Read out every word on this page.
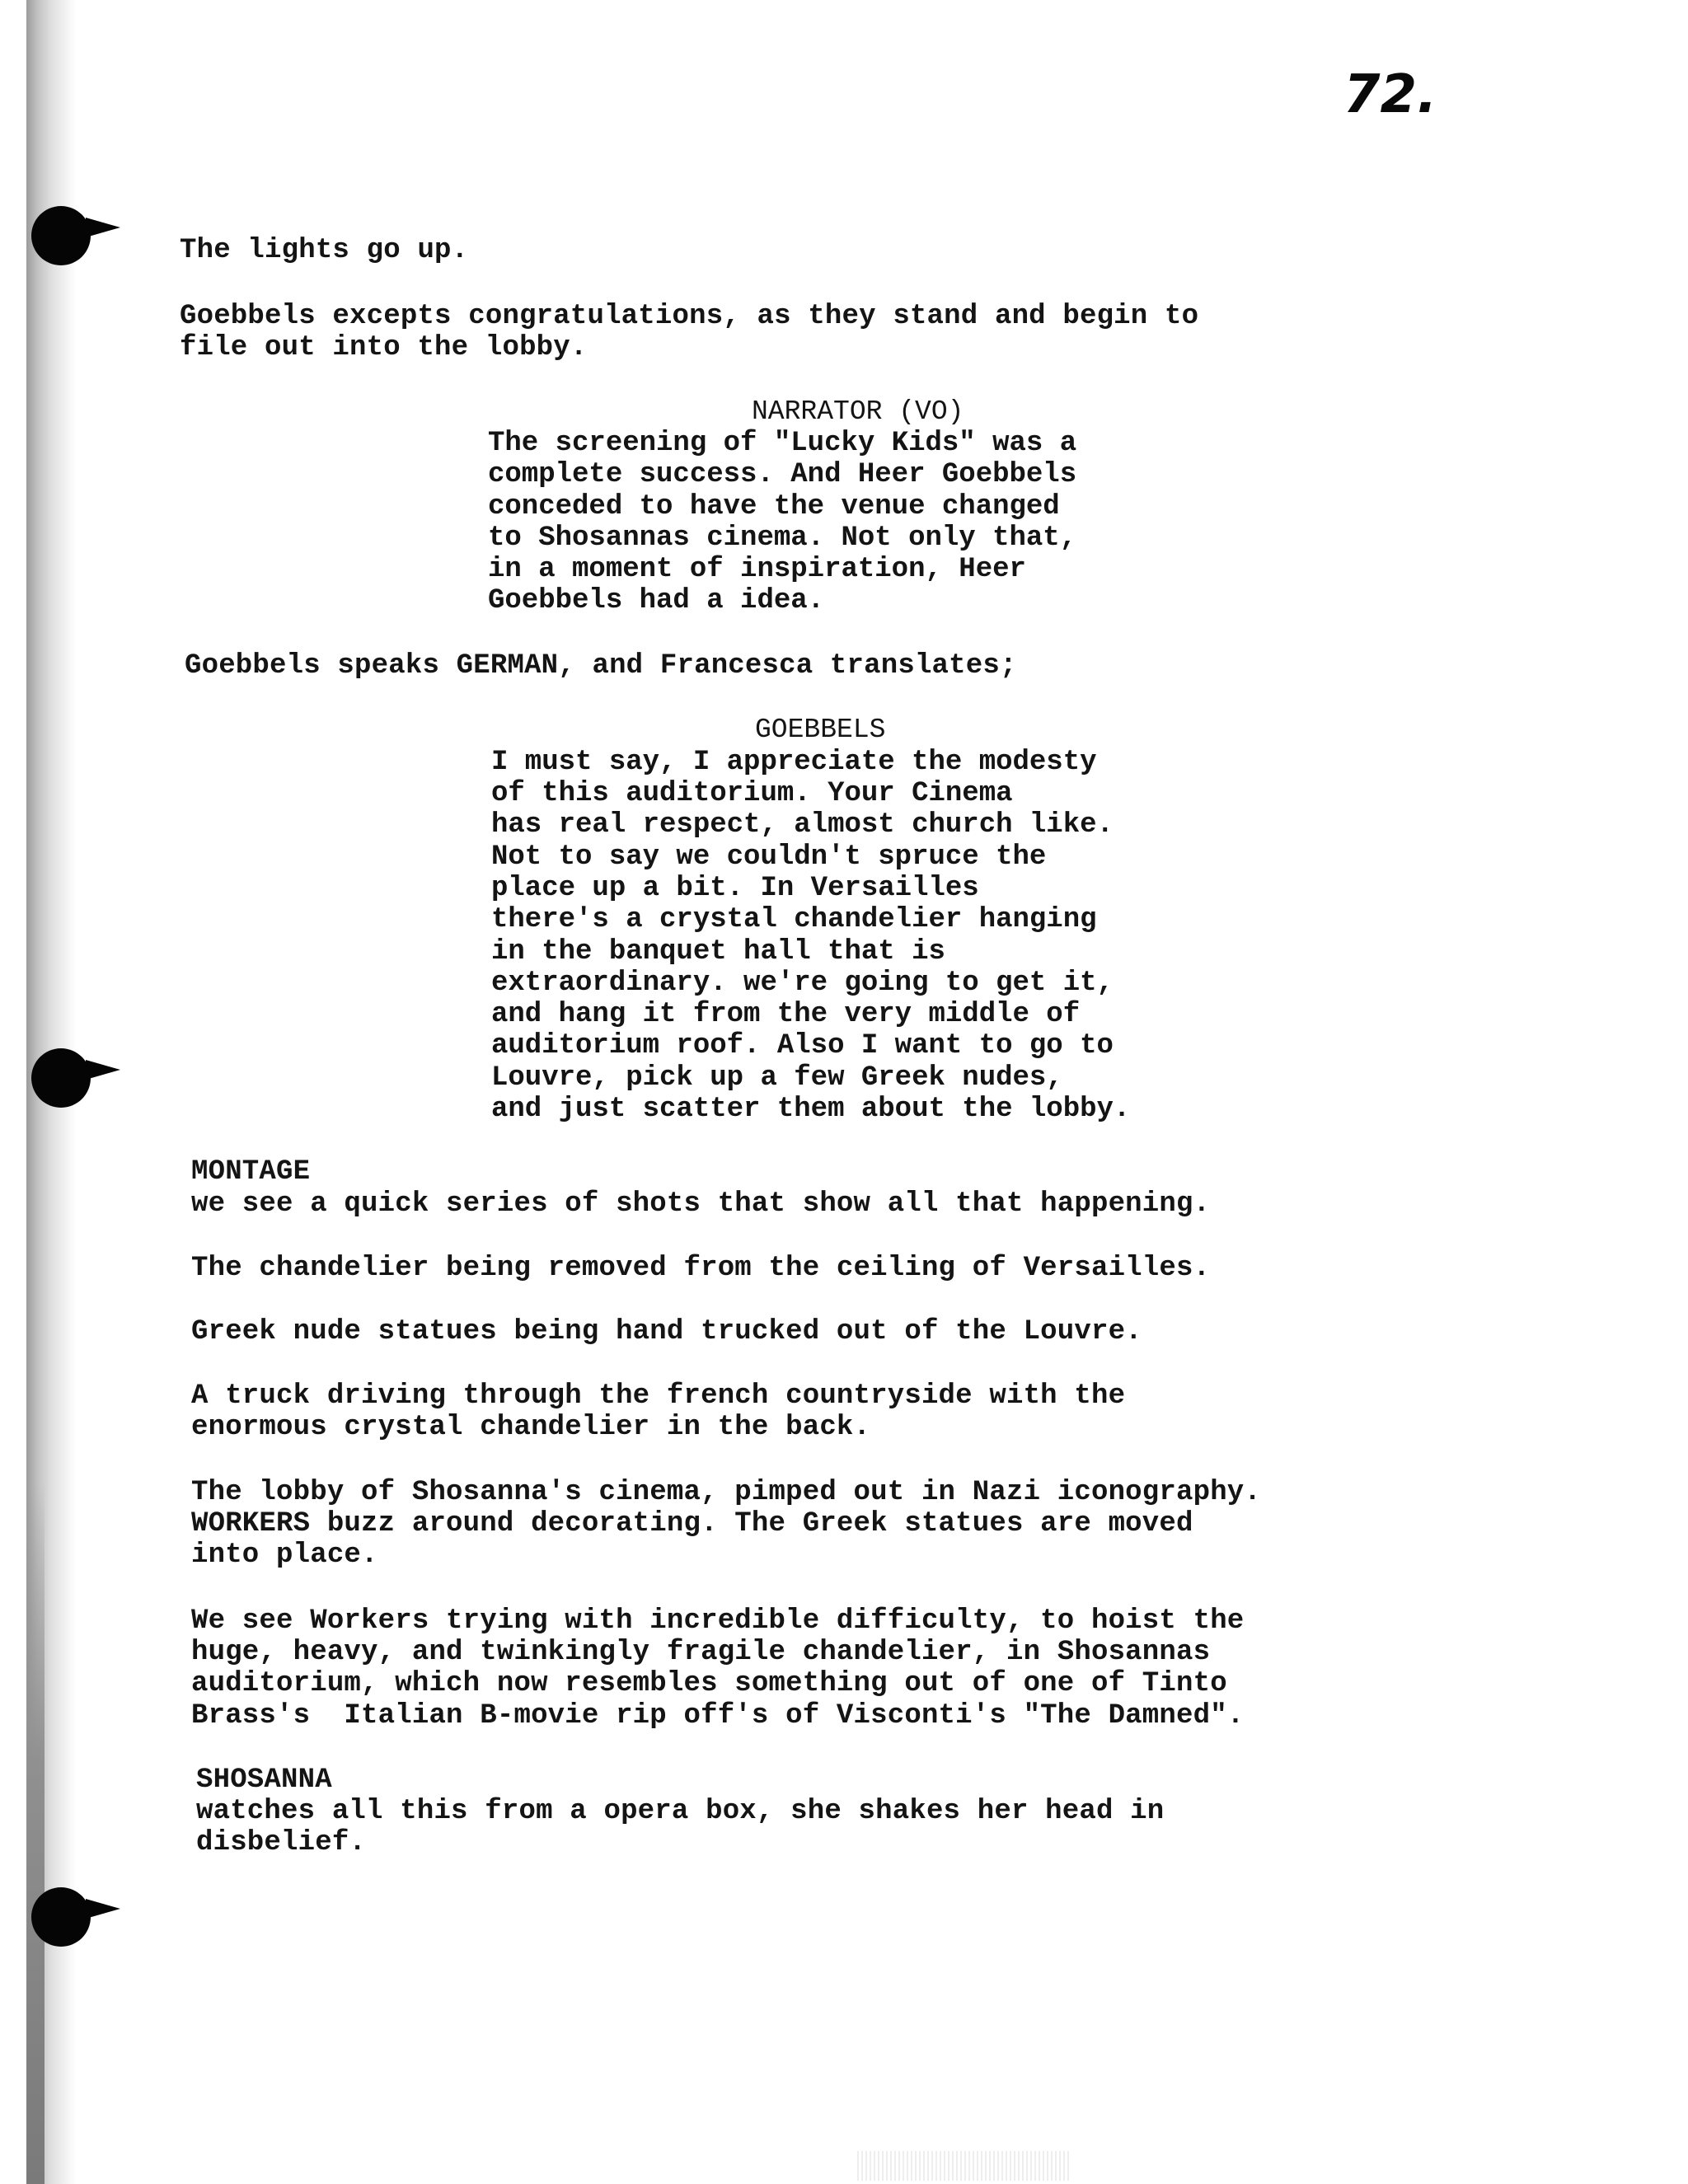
72.
The lights go up.
Goebbels excepts congratulations, as they stand and begin to
file out into the lobby.
NARRATOR (VO)
The screening of "Lucky Kids" was a
complete success. And Heer Goebbels
conceded to have the venue changed
to Shosannas cinema. Not only that,
in a moment of inspiration, Heer
Goebbels had a idea.
Goebbels speaks GERMAN, and Francesca translates;
GOEBBELS
I must say, I appreciate the modesty
of this auditorium. Your Cinema
has real respect, almost church like.
Not to say we couldn't spruce the
place up a bit. In Versailles
there's a crystal chandelier hanging
in the banquet hall that is
extraordinary. we're going to get it,
and hang it from the very middle of
auditorium roof. Also I want to go to
Louvre, pick up a few Greek nudes,
and just scatter them about the lobby.
MONTAGE
we see a quick series of shots that show all that happening.
The chandelier being removed from the ceiling of Versailles.
Greek nude statues being hand trucked out of the Louvre.
A truck driving through the french countryside with the
enormous crystal chandelier in the back.
The lobby of Shosanna's cinema, pimped out in Nazi iconography.
WORKERS buzz around decorating. The Greek statues are moved
into place.
We see Workers trying with incredible difficulty, to hoist the
huge, heavy, and twinkingly fragile chandelier, in Shosannas
auditorium, which now resembles something out of one of Tinto
Brass's  Italian B-movie rip off's of Visconti's "The Damned".
SHOSANNA
watches all this from a opera box, she shakes her head in
disbelief.
